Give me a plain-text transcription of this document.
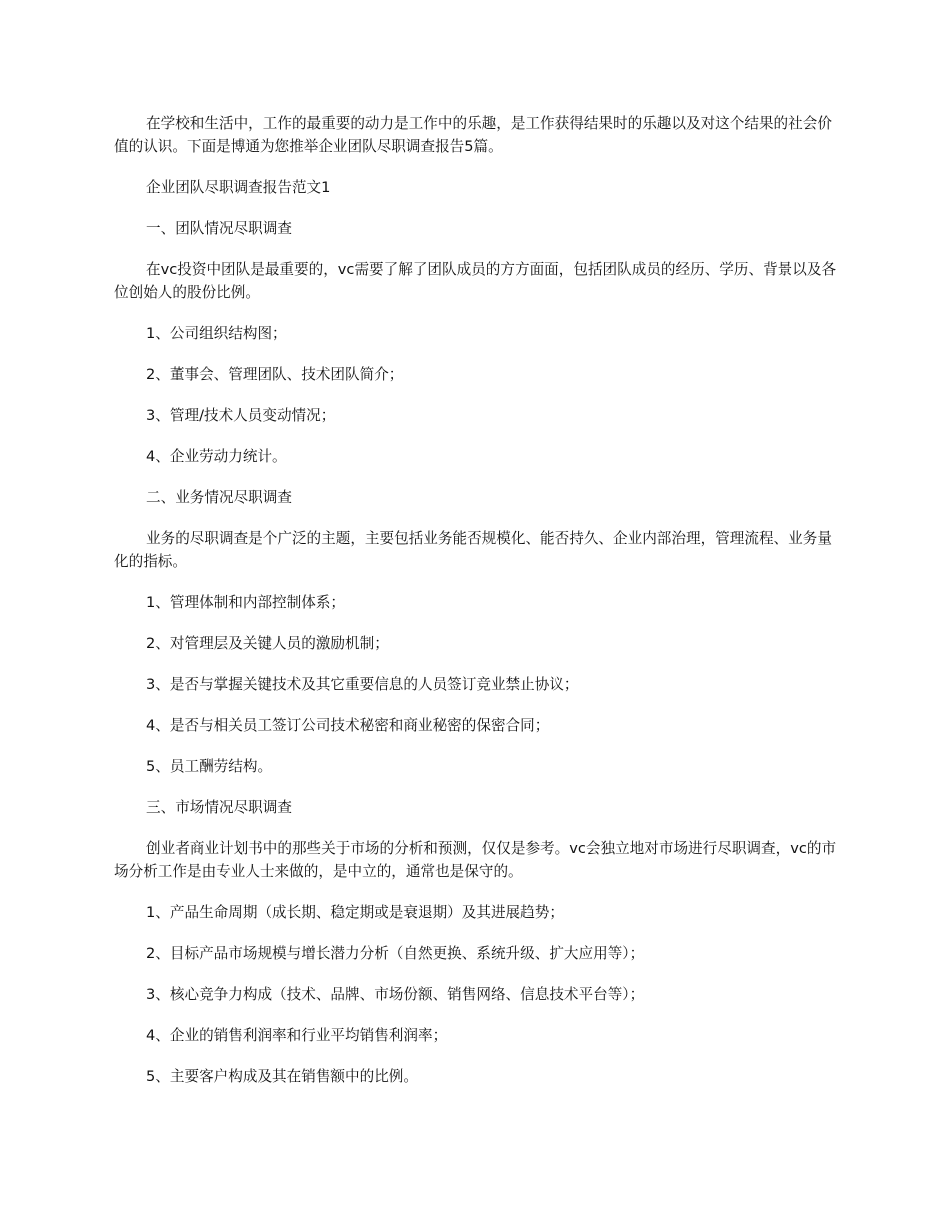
在学校和生活中，工作的最重要的动力是工作中的乐趣，是工作获得结果时的乐趣以及对这个结果的社会价值的认识。下面是博通为您推举企业团队尽职调查报告5篇。

企业团队尽职调查报告范文1

一、团队情况尽职调查

在vc投资中团队是最重要的，vc需要了解了团队成员的方方面面，包括团队成员的经历、学历、背景以及各位创始人的股份比例。

1、公司组织结构图；

2、董事会、管理团队、技术团队简介；

3、管理/技术人员变动情况；

4、企业劳动力统计。

二、业务情况尽职调查

业务的尽职调查是个广泛的主题，主要包括业务能否规模化、能否持久、企业内部治理，管理流程、业务量化的指标。

1、管理体制和内部控制体系；

2、对管理层及关键人员的激励机制；

3、是否与掌握关键技术及其它重要信息的人员签订竞业禁止协议；

4、是否与相关员工签订公司技术秘密和商业秘密的保密合同；

5、员工酬劳结构。

三、市场情况尽职调查

创业者商业计划书中的那些关于市场的分析和预测，仅仅是参考。vc会独立地对市场进行尽职调查，vc的市场分析工作是由专业人士来做的，是中立的，通常也是保守的。

1、产品生命周期（成长期、稳定期或是衰退期）及其进展趋势；

2、目标产品市场规模与增长潜力分析（自然更换、系统升级、扩大应用等）；

3、核心竞争力构成（技术、品牌、市场份额、销售网络、信息技术平台等）；

4、企业的销售利润率和行业平均销售利润率；

5、主要客户构成及其在销售额中的比例。
